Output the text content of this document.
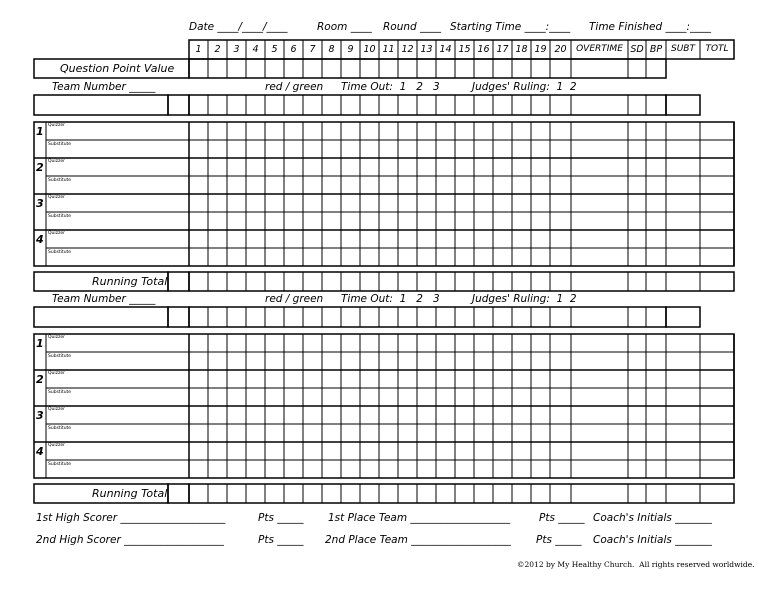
Date ____/____/____	Room ____ Round ____ Starting Time ____:____ Time Finished ____:____
1	2	3	4	5	6	7	8	9	10 11 12 13 14 15 16 17 18 19 20	OVERTIME SD BP SUBT	TOTL
Question Point Value
Team Number _____	red / green Time Out:  1   2   3	Judges' Ruling:  1  2
1 Quizzer
Substitute
2 Quizzer
Substitute
3 Quizzer
Substitute
4 Quizzer
Substitute
Running Total
Team Number _____	red / green Time Out:  1   2   3	Judges' Ruling:  1  2
1 Quizzer
Substitute
2 Quizzer
Substitute
3 Quizzer
Substitute
4 Quizzer
Substitute
Running Total
1st High Scorer ____________________	Pts _____ 1st Place Team ___________________	Pts _____ Coach's Initials _______
2nd High Scorer ___________________	Pts _____ 2nd Place Team ___________________ Pts _____ Coach's Initials _______
©2012 by My Healthy Church.  All rights reserved worldwide.
